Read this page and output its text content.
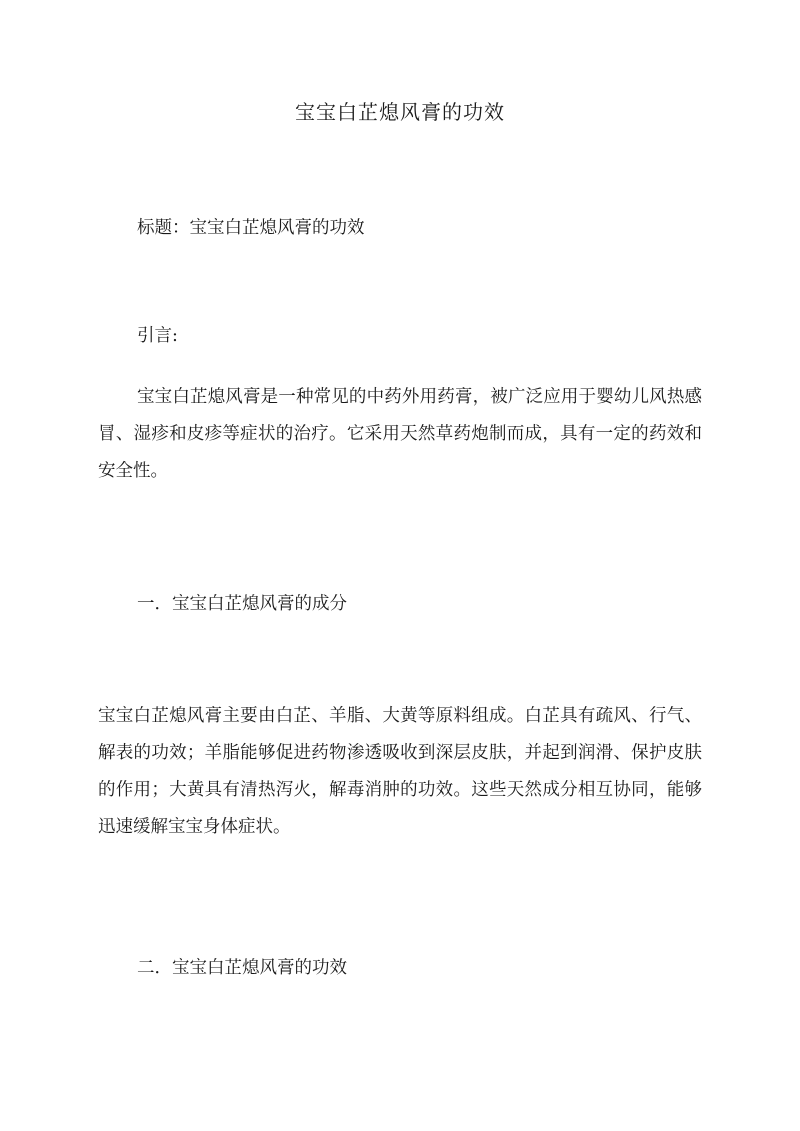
宝宝白芷熄风膏的功效
标题：宝宝白芷熄风膏的功效
引言:
宝宝白芷熄风膏是一种常见的中药外用药膏，被广泛应用于婴幼儿风热感冒、湿疹和皮疹等症状的治疗。它采用天然草药炮制而成，具有一定的药效和安全性。
一．宝宝白芷熄风膏的成分
宝宝白芷熄风膏主要由白芷、羊脂、大黄等原料组成。白芷具有疏风、行气、解表的功效；羊脂能够促进药物渗透吸收到深层皮肤，并起到润滑、保护皮肤的作用；大黄具有清热泻火，解毒消肿的功效。这些天然成分相互协同，能够迅速缓解宝宝身体症状。
二．宝宝白芷熄风膏的功效
